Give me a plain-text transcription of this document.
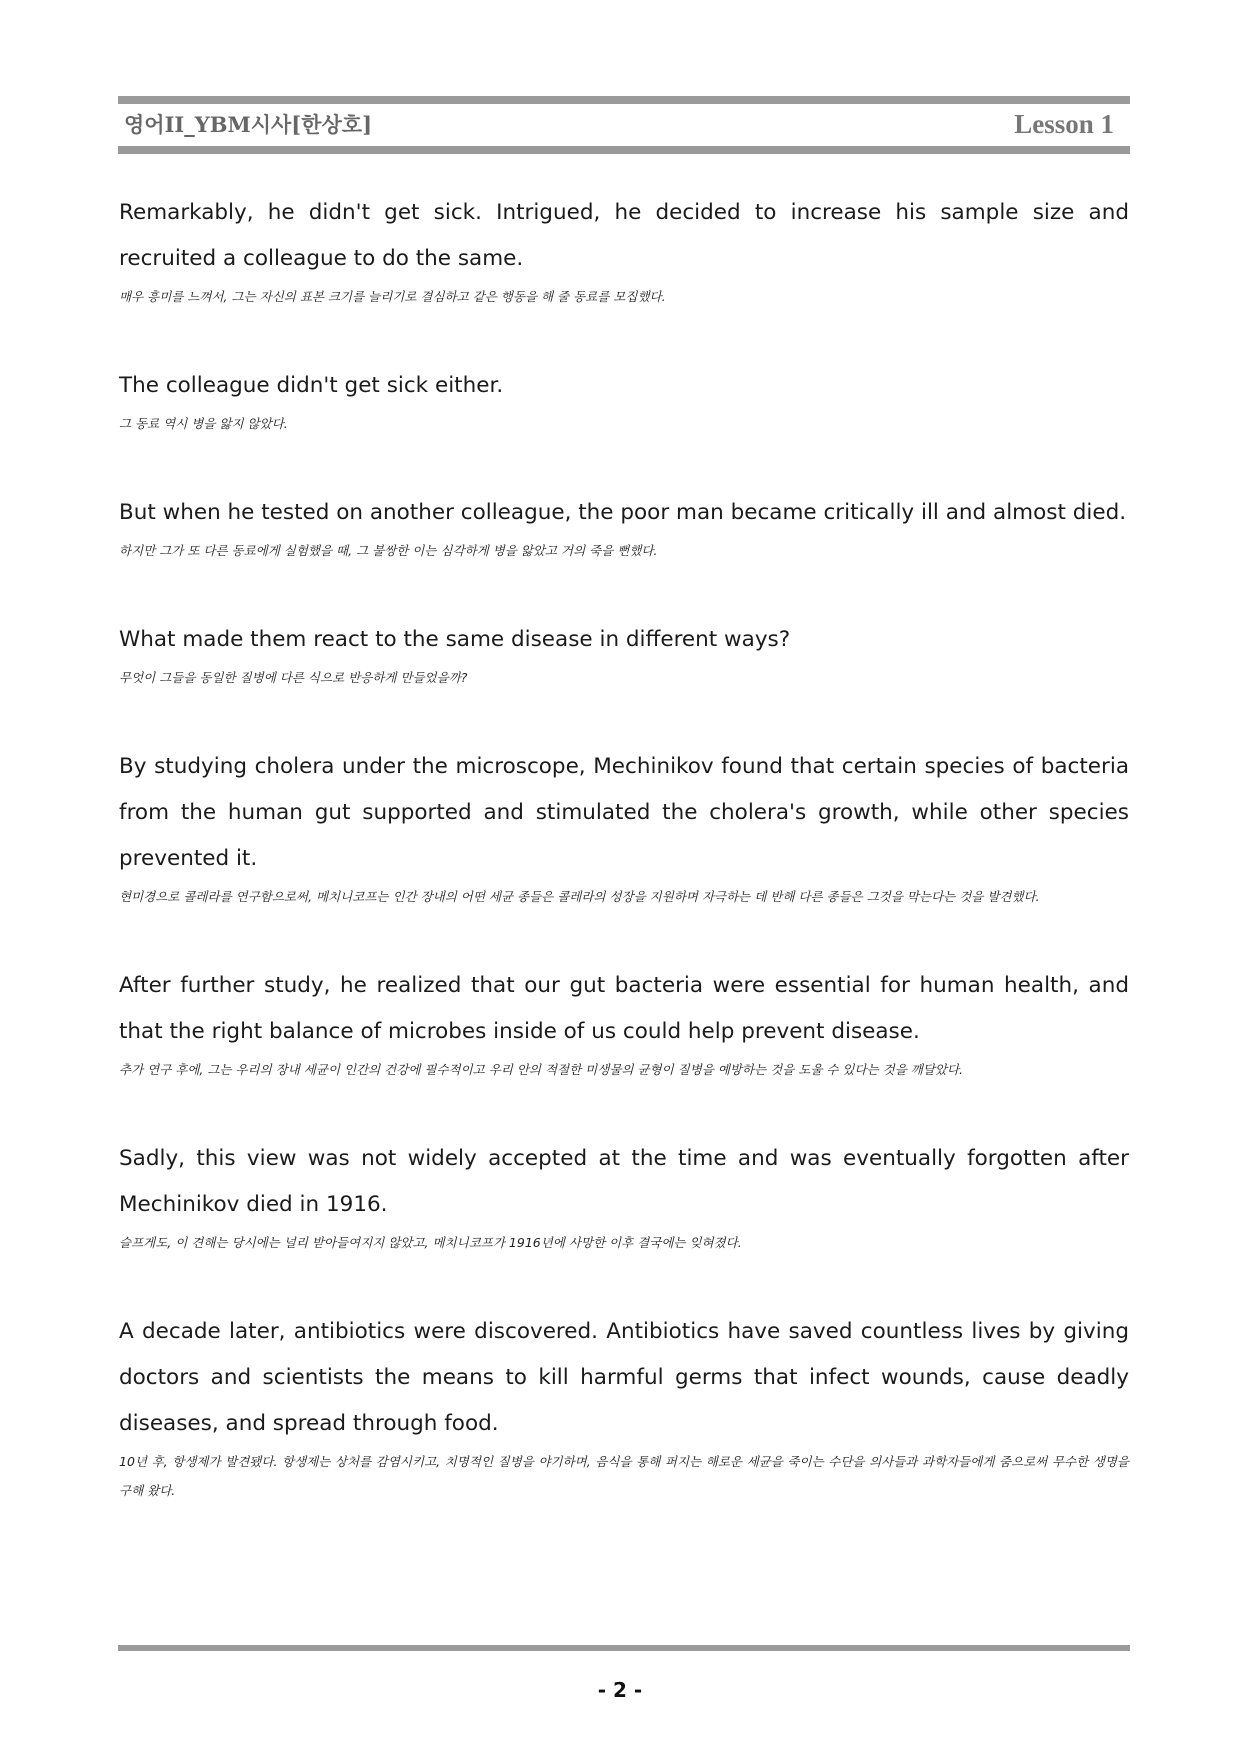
영어II_YBM시사[한상호]	Lesson 1

Remarkably, he didn't get sick. Intrigued, he decided to increase his sample size and recruited a colleague to do the same.

매우 흥미를 느껴서, 그는 자신의 표본 크기를 늘리기로 결심하고 같은 행동을 해 줄 동료를 모집했다.

The colleague didn't get sick either.

그 동료 역시 병을 앓지 않았다.

But when he tested on another colleague, the poor man became critically ill and almost died.

하지만 그가 또 다른 동료에게 실험했을 때, 그 불쌍한 이는 심각하게 병을 앓았고 거의 죽을 뻔했다.

What made them react to the same disease in different ways?

무엇이 그들을 동일한 질병에 다른 식으로 반응하게 만들었을까?

By studying cholera under the microscope, Mechinikov found that certain species of bacteria from the human gut supported and stimulated the cholera's growth, while other species prevented it.

현미경으로 콜레라를 연구함으로써, 메치니코프는 인간 장내의 어떤 세균 종들은 콜레라의 성장을 지원하며 자극하는 데 반해 다른 종들은 그것을 막는다는 것을 발견했다.

After further study, he realized that our gut bacteria were essential for human health, and that the right balance of microbes inside of us could help prevent disease.

추가 연구 후에, 그는 우리의 장내 세균이 인간의 건강에 필수적이고 우리 안의 적절한 미생물의 균형이 질병을 예방하는 것을 도울 수 있다는 것을 깨달았다.

Sadly, this view was not widely accepted at the time and was eventually forgotten after Mechinikov died in 1916.

슬프게도, 이 견해는 당시에는 널리 받아들여지지 않았고, 메치니코프가 1916년에 사망한 이후 결국에는 잊혀졌다.

A decade later, antibiotics were discovered. Antibiotics have saved countless lives by giving doctors and scientists the means to kill harmful germs that infect wounds, cause deadly diseases, and spread through food.

10년 후, 항생제가 발견됐다. 항생제는 상처를 감염시키고, 치명적인 질병을 야기하며, 음식을 통해 퍼지는 해로운 세균을 죽이는 수단을 의사들과 과학자들에게 줌으로써 무수한 생명을 구해 왔다.

- 2 -
